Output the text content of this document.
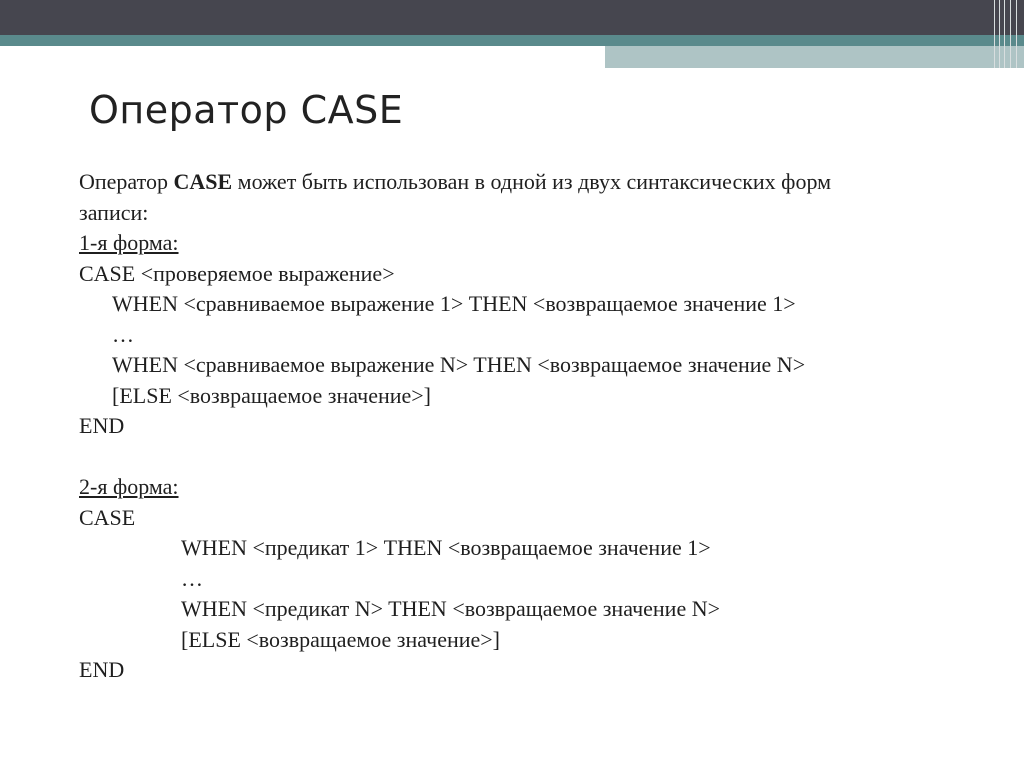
Оператор CASE

Оператор CASE может быть использован в одной из двух синтаксических форм

записи:

1-я форма:

CASE <проверяемое выражение>

WHEN <сравниваемое выражение 1> THEN <возвращаемое значение 1>

…

WHEN <сравниваемое выражение N> THEN <возвращаемое значение N>

[ELSE <возвращаемое значение>]

END

2-я форма:

CASE

WHEN <предикат 1> THEN <возвращаемое значение 1>

…

WHEN <предикат N> THEN <возвращаемое значение N>

[ELSE <возвращаемое значение>]

END
